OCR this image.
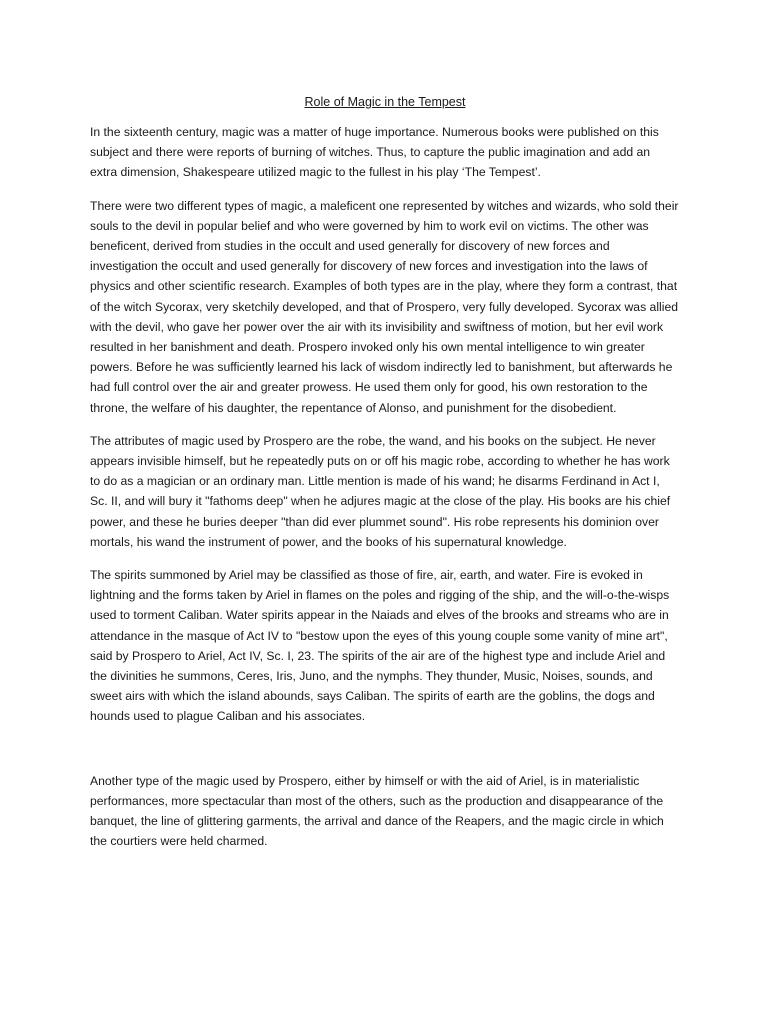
Role of Magic in the Tempest

In the sixteenth century, magic was a matter of huge importance. Numerous books were published on this subject and there were reports of burning of witches. Thus, to capture the public imagination and add an extra dimension, Shakespeare utilized magic to the fullest in his play ‘The Tempest’.

There were two different types of magic, a maleficent one represented by witches and wizards, who sold their souls to the devil in popular belief and who were governed by him to work evil on victims. The other was beneficent, derived from studies in the occult and used generally for discovery of new forces and investigation the occult and used generally for discovery of new forces and investigation into the laws of physics and other scientific research. Examples of both types are in the play, where they form a contrast, that of the witch Sycorax, very sketchily developed, and that of Prospero, very fully developed. Sycorax was allied with the devil, who gave her power over the air with its invisibility and swiftness of motion, but her evil work resulted in her banishment and death. Prospero invoked only his own mental intelligence to win greater powers. Before he was sufficiently learned his lack of wisdom indirectly led to banishment, but afterwards he had full control over the air and greater prowess. He used them only for good, his own restoration to the throne, the welfare of his daughter, the repentance of Alonso, and punishment for the disobedient.

The attributes of magic used by Prospero are the robe, the wand, and his books on the subject. He never appears invisible himself, but he repeatedly puts on or off his magic robe, according to whether he has work to do as a magician or an ordinary man. Little mention is made of his wand; he disarms Ferdinand in Act I, Sc. II, and will bury it "fathoms deep" when he adjures magic at the close of the play. His books are his chief power, and these he buries deeper "than did ever plummet sound". His robe represents his dominion over mortals, his wand the instrument of power, and the books of his supernatural knowledge.

The spirits summoned by Ariel may be classified as those of fire, air, earth, and water. Fire is evoked in lightning and the forms taken by Ariel in flames on the poles and rigging of the ship, and the will-o-the-wisps used to torment Caliban. Water spirits appear in the Naiads and elves of the brooks and streams who are in attendance in the masque of Act IV to "bestow upon the eyes of this young couple some vanity of mine art", said by Prospero to Ariel, Act IV, Sc. I, 23. The spirits of the air are of the highest type and include Ariel and the divinities he summons, Ceres, Iris, Juno, and the nymphs. They thunder, Music, Noises, sounds, and sweet airs with which the island abounds, says Caliban. The spirits of earth are the goblins, the dogs and hounds used to plague Caliban and his associates.

Another type of the magic used by Prospero, either by himself or with the aid of Ariel, is in materialistic performances, more spectacular than most of the others, such as the production and disappearance of the banquet, the line of glittering garments, the arrival and dance of the Reapers, and the magic circle in which the courtiers were held charmed.
